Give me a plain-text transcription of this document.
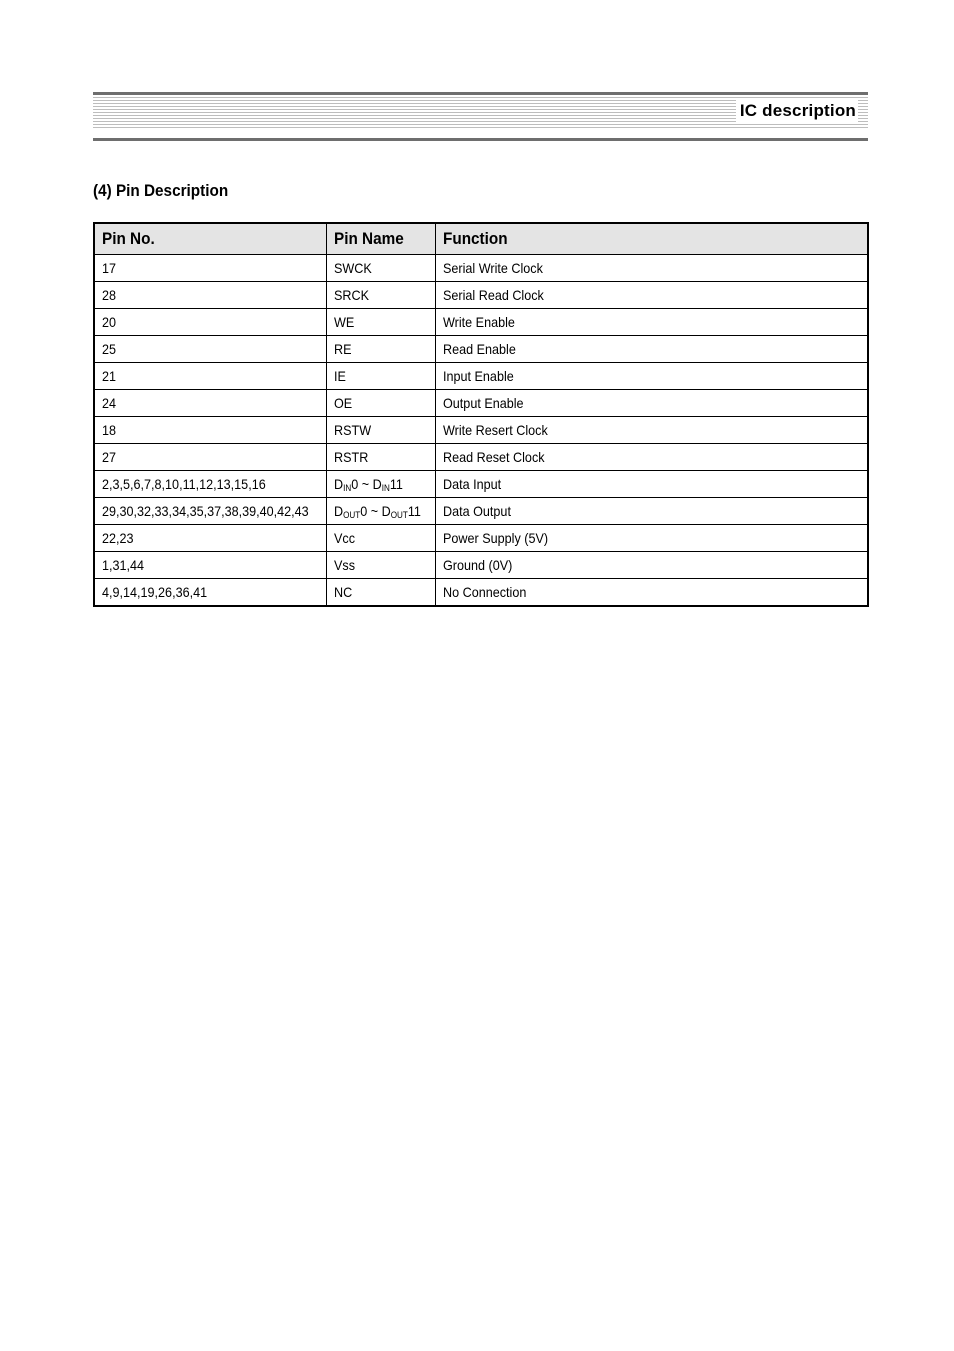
IC description
(4) Pin Description
Pin No.	Pin Name	Function
17	SWCK	Serial Write Clock
28	SRCK	Serial Read Clock
20	WE	Write Enable
25	RE	Read Enable
21	IE	Input Enable
24	OE	Output Enable
18	RSTW	Write Resert Clock
27	RSTR	Read Reset Clock
2,3,5,6,7,8,10,11,12,13,15,16	$D_{IN}0$ ~ $D_{IN}11$	Data Input
29,30,32,33,34,35,37,38,39,40,42,43	$D_{OUT}0$ ~ $D_{OUT}11$	Data Output
22,23	Vcc	Power Supply (5V)
1,31,44	Vss	Ground (0V)
4,9,14,19,26,36,41	NC	No Connection
